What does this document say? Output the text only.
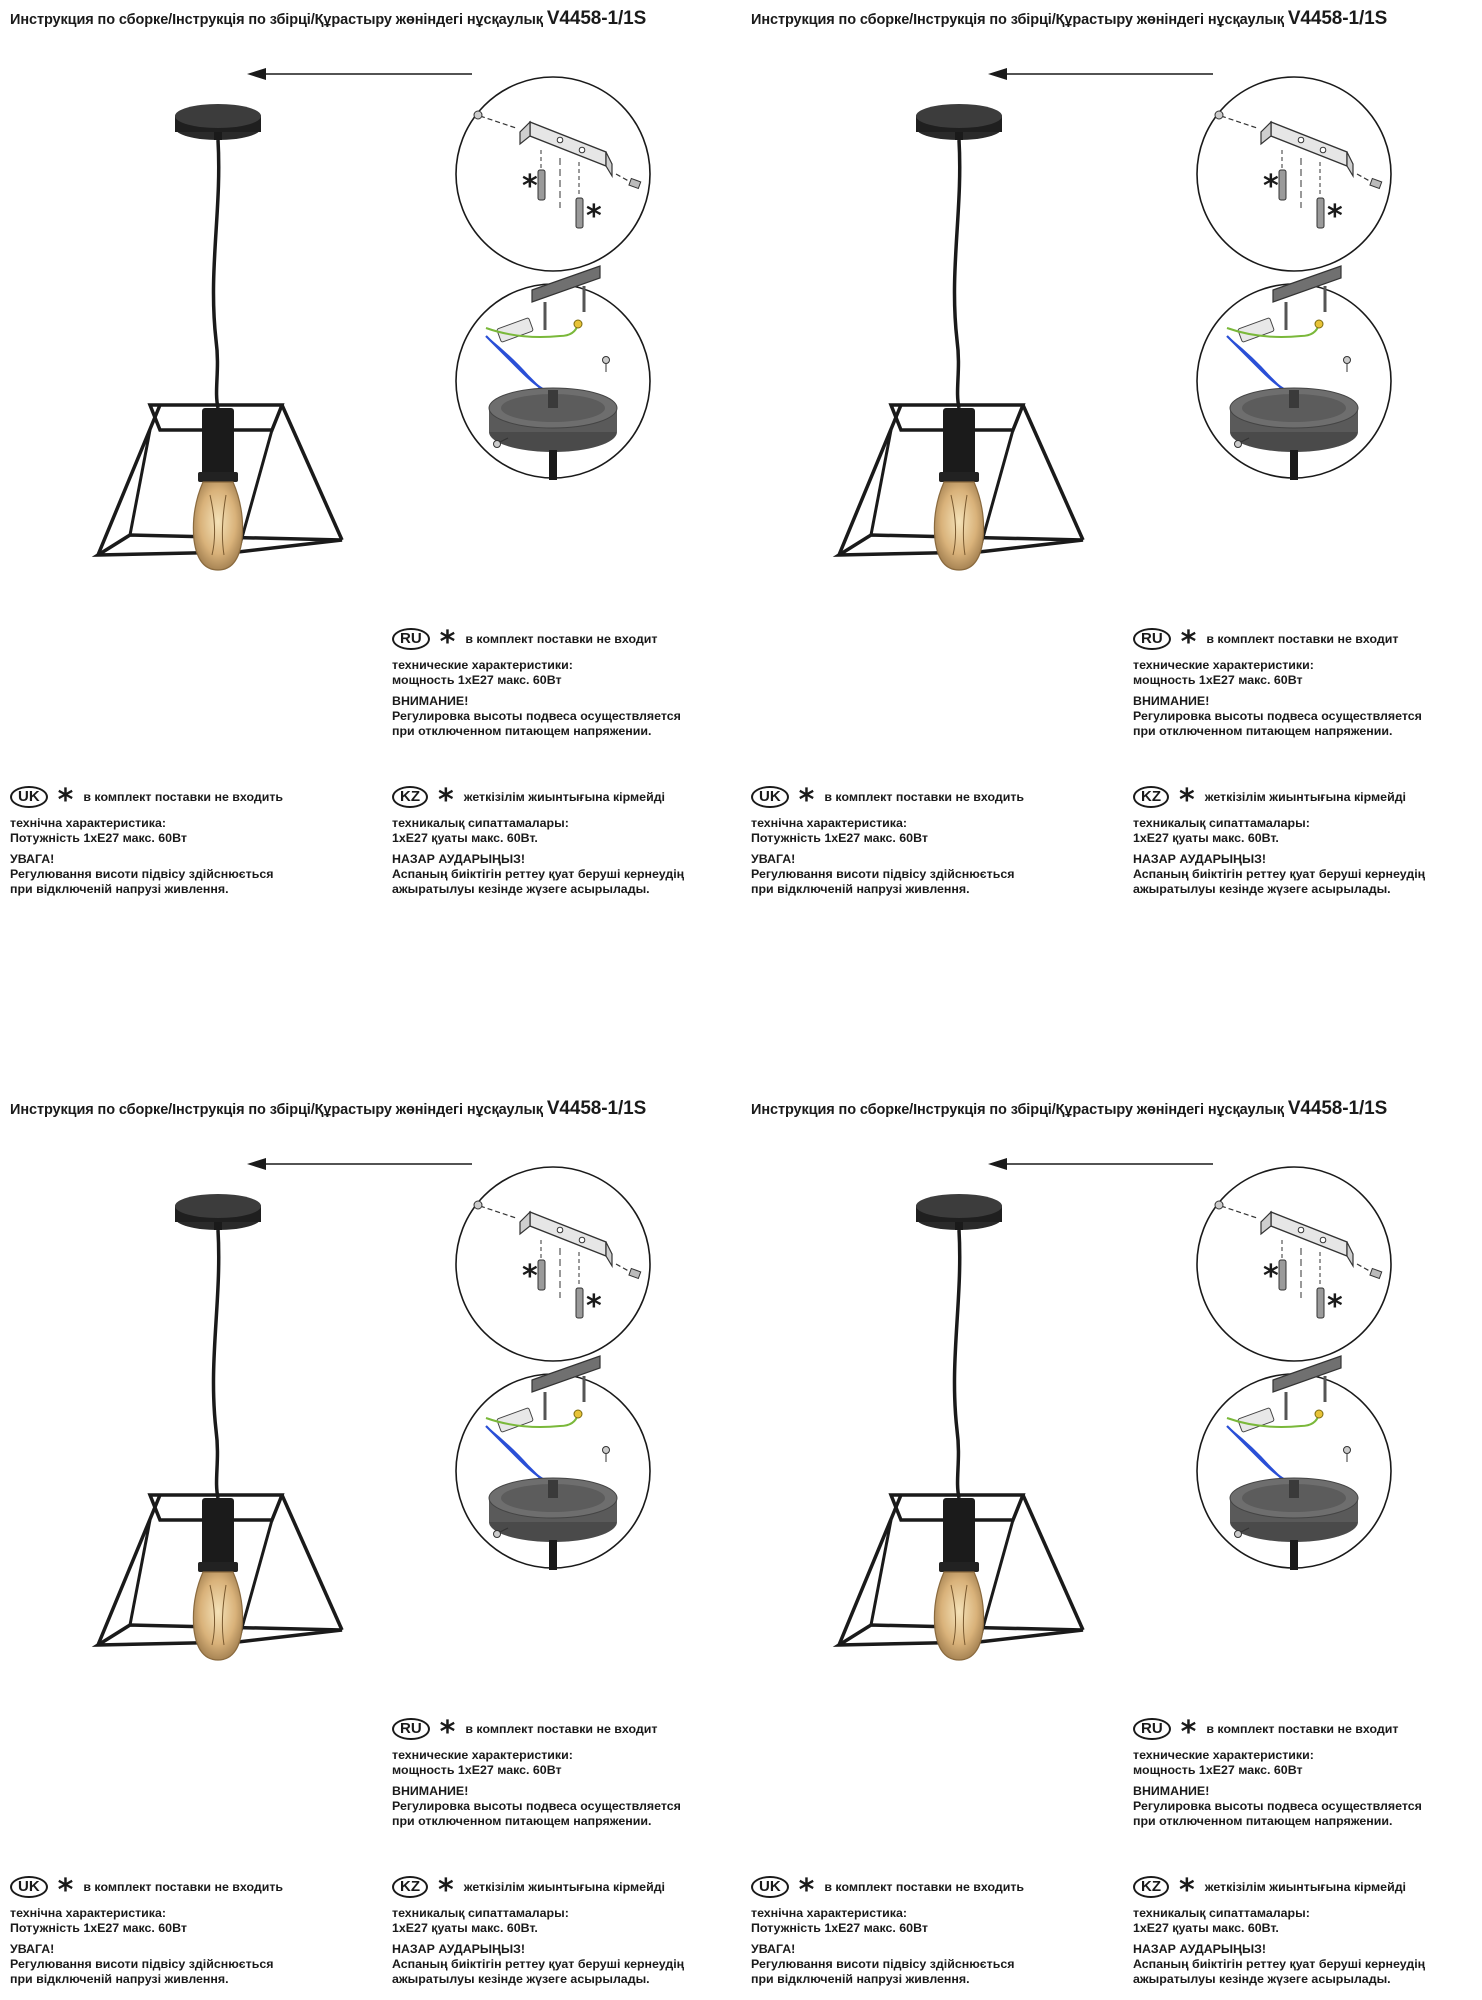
Инструкция по сборке/Інструкція по збірці/Құрастыру жөніндегі нұсқаулық V4458-1/1S
*
*
RU * в комплект поставки не входит
технические характеристики:
мощность 1хЕ27 макс. 60Вт
ВНИМАНИЕ!
Регулировка высоты подвеса осуществляется
при отключенном питающем напряжении.
UK * в комплект поставки не входить
технічна характеристика:
Потужність 1хЕ27 макс. 60Вт
УВАГА!
Регулювання висоти підвісу здійснюється
при відключеній напрузі живлення.
KZ * жеткізілім жиынтығына кірмейді
техникалық сипаттамалары:
1хЕ27 қуаты макс. 60Вт.
НАЗАР АУДАРЫҢЫЗ!
Аспаның биіктігін реттеу қуат беруші кернеудің
ажыратылуы кезінде жүзеге асырылады.
Инструкция по сборке/Інструкція по збірці/Құрастыру жөніндегі нұсқаулық V4458-1/1S
*
*
RU * в комплект поставки не входит
технические характеристики:
мощность 1хЕ27 макс. 60Вт
ВНИМАНИЕ!
Регулировка высоты подвеса осуществляется
при отключенном питающем напряжении.
UK * в комплект поставки не входить
технічна характеристика:
Потужність 1хЕ27 макс. 60Вт
УВАГА!
Регулювання висоти підвісу здійснюється
при відключеній напрузі живлення.
KZ * жеткізілім жиынтығына кірмейді
техникалық сипаттамалары:
1хЕ27 қуаты макс. 60Вт.
НАЗАР АУДАРЫҢЫЗ!
Аспаның биіктігін реттеу қуат беруші кернеудің
ажыратылуы кезінде жүзеге асырылады.
Инструкция по сборке/Інструкція по збірці/Құрастыру жөніндегі нұсқаулық V4458-1/1S
*
*
RU * в комплект поставки не входит
технические характеристики:
мощность 1хЕ27 макс. 60Вт
ВНИМАНИЕ!
Регулировка высоты подвеса осуществляется
при отключенном питающем напряжении.
UK * в комплект поставки не входить
технічна характеристика:
Потужність 1хЕ27 макс. 60Вт
УВАГА!
Регулювання висоти підвісу здійснюється
при відключеній напрузі живлення.
KZ * жеткізілім жиынтығына кірмейді
техникалық сипаттамалары:
1хЕ27 қуаты макс. 60Вт.
НАЗАР АУДАРЫҢЫЗ!
Аспаның биіктігін реттеу қуат беруші кернеудің
ажыратылуы кезінде жүзеге асырылады.
Инструкция по сборке/Інструкція по збірці/Құрастыру жөніндегі нұсқаулық V4458-1/1S
*
*
RU * в комплект поставки не входит
технические характеристики:
мощность 1хЕ27 макс. 60Вт
ВНИМАНИЕ!
Регулировка высоты подвеса осуществляется
при отключенном питающем напряжении.
UK * в комплект поставки не входить
технічна характеристика:
Потужність 1хЕ27 макс. 60Вт
УВАГА!
Регулювання висоти підвісу здійснюється
при відключеній напрузі живлення.
KZ * жеткізілім жиынтығына кірмейді
техникалық сипаттамалары:
1хЕ27 қуаты макс. 60Вт.
НАЗАР АУДАРЫҢЫЗ!
Аспаның биіктігін реттеу қуат беруші кернеудің
ажыратылуы кезінде жүзеге асырылады.
